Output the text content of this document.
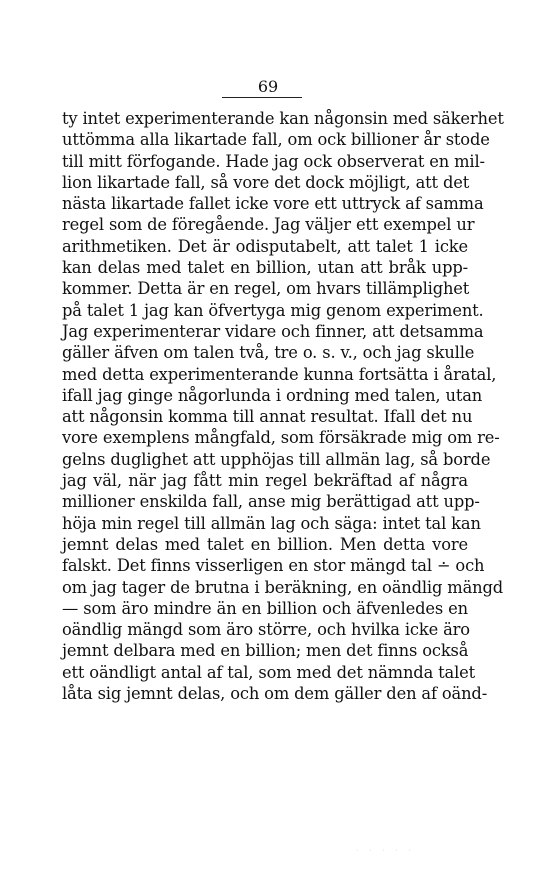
69
ty intet experimenterande kan någonsin med säkerhet
uttömma alla likartade fall, om ock billioner år stode
till mitt förfogande. Hade jag ock observerat en mil-
lion likartade fall, så vore det dock möjligt, att det
nästa likartade fallet icke vore ett uttryck af samma
regel som de föregående. Jag väljer ett exempel ur
arithmetiken. Det är odisputabelt, att talet 1 icke
kan delas med talet en billion, utan att bråk upp-
kommer. Detta är en regel, om hvars tillämplighet
på talet 1 jag kan öfvertyga mig genom experiment.
Jag experimenterar vidare och finner, att detsamma
gäller äfven om talen två, tre o. s. v., och jag skulle
med detta experimenterande kunna fortsätta i åratal,
ifall jag ginge någorlunda i ordning med talen, utan
att någonsin komma till annat resultat. Ifall det nu
vore exemplens mångfald, som försäkrade mig om re-
gelns duglighet att upphöjas till allmän lag, så borde
jag väl, när jag fått min regel bekräftad af några
millioner enskilda fall, anse mig berättigad att upp-
höja min regel till allmän lag och säga: intet tal kan
jemnt delas med talet en billion. Men detta vore
falskt. Det finns visserligen en stor mängd tal ∸ och
om jag tager de brutna i beräkning, en oändlig mängd
— som äro mindre än en billion och äfvenledes en
oändlig mängd som äro större, och hvilka icke äro
jemnt delbara med en billion; men det finns också
ett oändligt antal af tal, som med det nämnda talet
låta sig jemnt delas, och om dem gäller den af oänd-
· · · · ·
